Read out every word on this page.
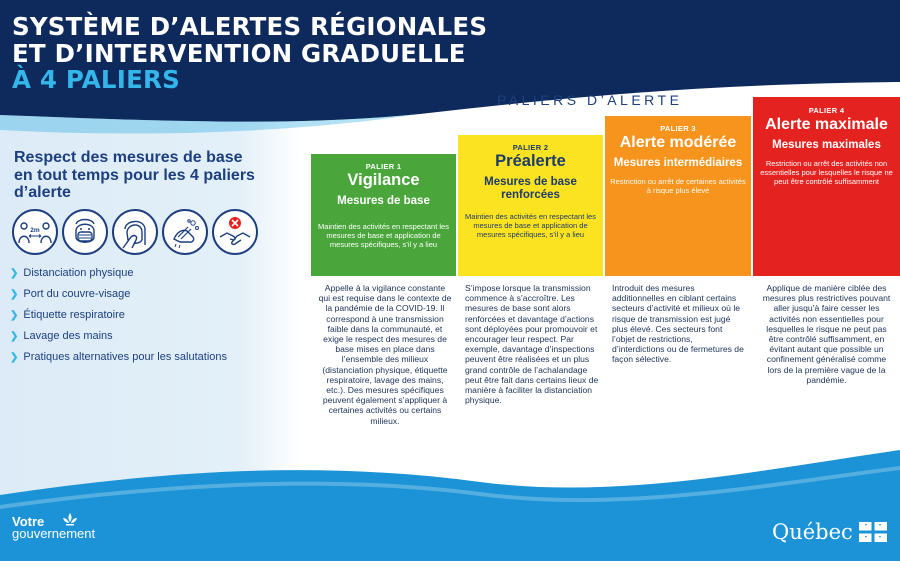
SYSTÈME D’ALERTES RÉGIONALES
ET D’INTERVENTION GRADUELLE
À 4 PALIERS
PALIERS D’ALERTE
Respect des mesures de base en tout temps pour les 4 paliers d’alerte
2m
❯ Distanciation physique
❯ Port du couvre-visage
❯ Étiquette respiratoire
❯ Lavage des mains
❯ Pratiques alternatives pour les salutations
PALIER 1
Vigilance
Mesures de base
Maintien des activités en respectant les mesures de base et application de mesures spécifiques, s’il y a lieu
PALIER 2
Préalerte
Mesures de base renforcées
Maintien des activités en respectant les mesures de base et application de mesures spécifiques, s’il y a lieu
PALIER 3
Alerte modérée
Mesures intermédiaires
Restriction ou arrêt de certaines activités à risque plus élevé
PALIER 4
Alerte maximale
Mesures maximales
Restriction ou arrêt des activités non essentielles pour lesquelles le risque ne peut être contrôlé suffisamment
Appelle à la vigilance constante qui est requise dans le contexte de la pandémie de la COVID-19. Il correspond à une transmission faible dans la communauté, et exige le respect des mesures de base mises en place dans l’ensemble des milieux (distanciation physique, étiquette respiratoire, lavage des mains, etc.). Des mesures spécifiques peuvent également s’appliquer à certaines activités ou certains milieux.
S’impose lorsque la transmission commence à s’accroître. Les mesures de base sont alors renforcées et davantage d’actions sont déployées pour promouvoir et encourager leur respect. Par exemple, davantage d’inspections peuvent être réalisées et un plus grand contrôle de l’achalandage peut être fait dans certains lieux de manière à faciliter la distanciation physique.
Introduit des mesures additionnelles en ciblant certains secteurs d’activité et milieux où le risque de transmission est jugé plus élevé. Ces secteurs font l’objet de restrictions, d’interdictions ou de fermetures de façon sélective.
Applique de manière ciblée des mesures plus restrictives pouvant aller jusqu’à faire cesser les activités non essentielles pour lesquelles le risque ne peut pas être contrôlé suffisamment, en évitant autant que possible un confinement généralisé comme lors de la première vague de la pandémie.
Votre
gouvernement	Québec
